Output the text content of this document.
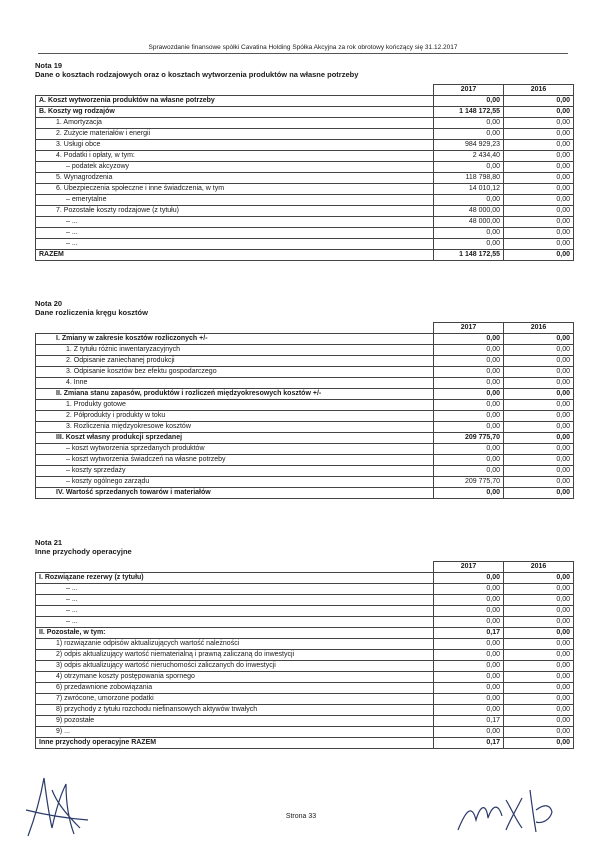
Sprawozdanie finansowe spółki Cavatina Holding Spółka Akcyjna za rok obrotowy kończący się 31.12.2017
Nota 19
Dane o kosztach rodzajowych oraz o kosztach wytworzenia produktów na własne potrzeby
	2017	2016
A. Koszt wytworzenia produktów na własne potrzeby	0,00	0,00
B. Koszty wg rodzajów	1 148 172,55	0,00
1. Amortyzacja	0,00	0,00
2. Zużycie materiałów i energii	0,00	0,00
3. Usługi obce	984 929,23	0,00
4. Podatki i opłaty, w tym:	2 434,40	0,00
– podatek akcyzowy	0,00	0,00
5. Wynagrodzenia	118 798,80	0,00
6. Ubezpieczenia społeczne i inne świadczenia, w tym	14 010,12	0,00
– emerytalne	0,00	0,00
7. Pozostałe koszty rodzajowe (z tytułu)	48 000,00	0,00
– ...	48 000,00	0,00
– ...	0,00	0,00
– ...	0,00	0,00
RAZEM	1 148 172,55	0,00
Nota 20
Dane rozliczenia kręgu kosztów
	2017	2016
I. Zmiany w zakresie kosztów rozliczonych +/-	0,00	0,00
1. Z tytułu różnic inwentaryzacyjnych	0,00	0,00
2. Odpisanie zaniechanej produkcji	0,00	0,00
3. Odpisanie kosztów bez efektu gospodarczego	0,00	0,00
4. Inne	0,00	0,00
II. Zmiana stanu zapasów, produktów i rozliczeń międzyokresowych kosztów +/-	0,00	0,00
1. Produkty gotowe	0,00	0,00
2. Półprodukty i produkty w toku	0,00	0,00
3. Rozliczenia międzyokresowe kosztów	0,00	0,00
III. Koszt własny produkcji sprzedanej	209 775,70	0,00
– koszt wytworzenia sprzedanych produktów	0,00	0,00
– koszt wytworzenia świadczeń na własne potrzeby	0,00	0,00
– koszty sprzedaży	0,00	0,00
– koszty ogólnego zarządu	209 775,70	0,00
IV. Wartość sprzedanych towarów i materiałów	0,00	0,00
Nota 21
Inne przychody operacyjne
	2017	2016
I. Rozwiązane rezerwy (z tytułu)	0,00	0,00
– ...	0,00	0,00
– ...	0,00	0,00
– ...	0,00	0,00
– ...	0,00	0,00
II. Pozostałe, w tym:	0,17	0,00
1) rozwiązanie odpisów aktualizujących wartość należności	0,00	0,00
2) odpis aktualizujący wartość niematerialną i prawną zaliczaną do inwestycji	0,00	0,00
3) odpis aktualizujący wartość nieruchomości zaliczanych do inwestycji	0,00	0,00
4) otrzymane koszty postępowania spornego	0,00	0,00
6) przedawnione zobowiązania	0,00	0,00
7) zwrócone, umorzone podatki	0,00	0,00
8) przychody z tytułu rozchodu niefinansowych aktywów trwałych	0,00	0,00
9) pozostałe	0,17	0,00
9) ...	0,00	0,00
Inne przychody operacyjne RAZEM	0,17	0,00
Strona 33
